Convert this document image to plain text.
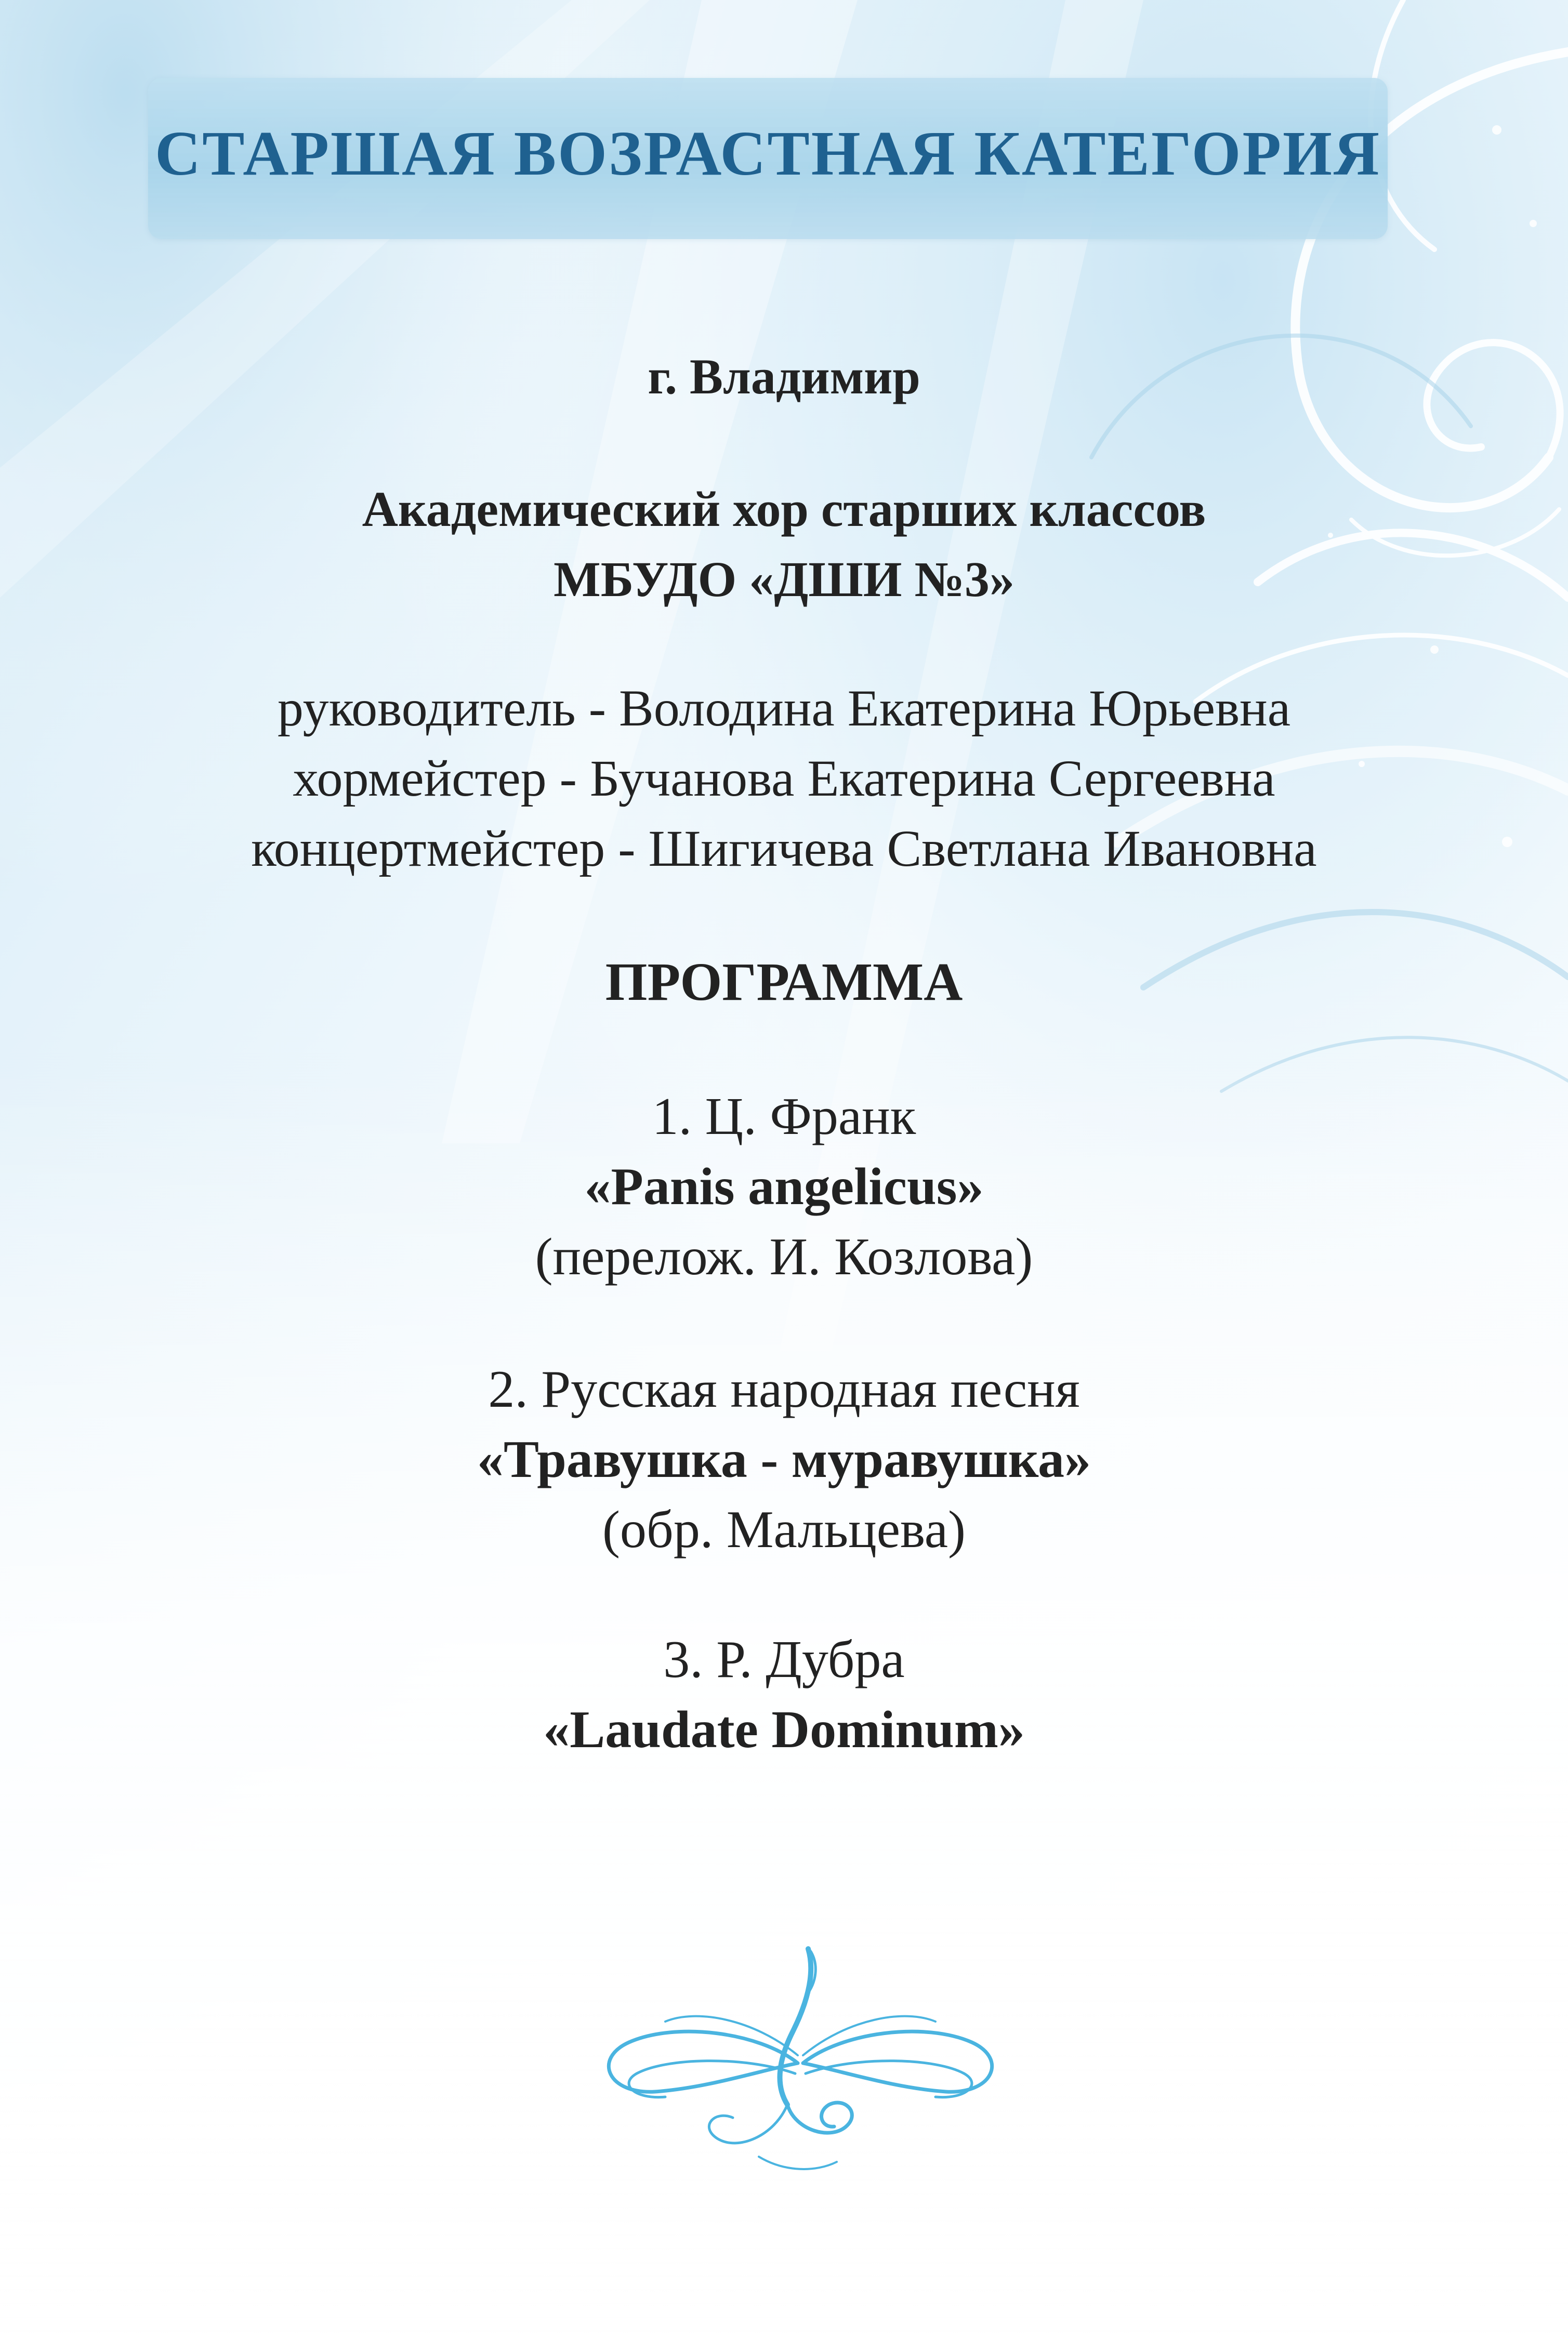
СТАРШАЯ ВОЗРАСТНАЯ КАТЕГОРИЯ
г. Владимир
Академический хор старших классов
МБУДО «ДШИ №3»
руководитель - Володина Екатерина Юрьевна
хормейстер - Бучанова Екатерина Сергеевна
концертмейстер - Шигичева Светлана Ивановна
ПРОГРАММА
1. Ц. Франк
«Panis angelicus»
(перелож. И. Козлова)
2. Русская народная песня
«Травушка - муравушка»
(обр. Мальцева)
3. Р. Дубра
«Laudate Dominum»
